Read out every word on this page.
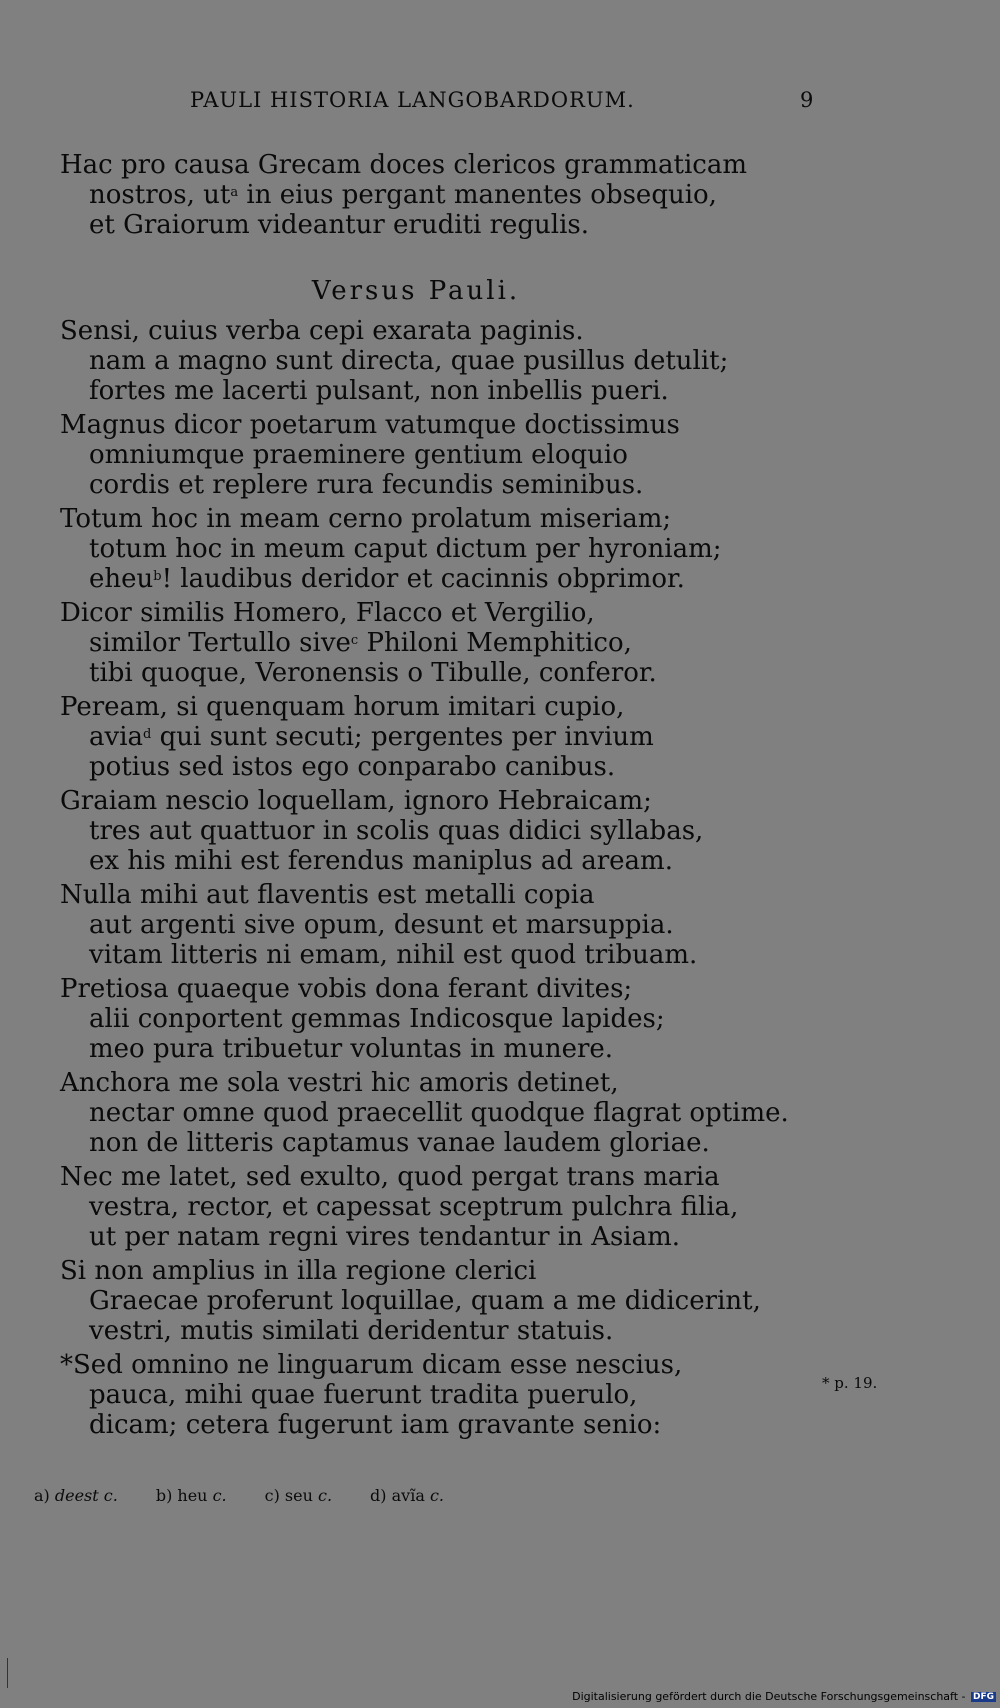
PAULI HISTORIA LANGOBARDORUM.	9
Hac pro causa Grecam doces clericos grammaticam
nostros, $ut^a$ in eius pergant manentes obsequio,
et Graiorum videantur eruditi regulis.
Versus Pauli.
Sensi, cuius verba cepi exarata paginis.
nam a magno sunt directa, quae pusillus detulit;
fortes me lacerti pulsant, non inbellis pueri.
Magnus dicor poetarum vatumque doctissimus
omniumque praeminere gentium eloquio
cordis et replere rura fecundis seminibus.
Totum hoc in meam cerno prolatum miseriam;
totum hoc in meum caput dictum per hyroniam;
eheu$^b$! laudibus deridor et cacinnis obprimor.
Dicor similis Homero, Flacco et Vergilio,
similor Tertullo sive$^c$ Philoni Memphitico,
tibi quoque, Veronensis o Tibulle, conferor.
Peream, si quenquam horum imitari cupio,
avia$^d$ qui sunt secuti; pergentes per invium
potius sed istos ego conparabo canibus.
Graiam nescio loquellam, ignoro Hebraicam;
tres aut quattuor in scolis quas didici syllabas,
ex his mihi est ferendus maniplus ad aream.
Nulla mihi aut flaventis est metalli copia
aut argenti sive opum, desunt et marsuppia.
vitam litteris ni emam, nihil est quod tribuam.
Pretiosa quaeque vobis dona ferant divites;
alii conportent gemmas Indicosque lapides;
meo pura tribuetur voluntas in munere.
Anchora me sola vestri hic amoris detinet,
nectar omne quod praecellit quodque flagrat optime.
non de litteris captamus vanae laudem gloriae.
Nec me latet, sed exulto, quod pergat trans maria
vestra, rector, et capessat sceptrum pulchra filia,
ut per natam regni vires tendantur in Asiam.
Si non amplius in illa regione clerici
Graecae proferunt loquillae, quam a me didicerint,
vestri, mutis similati deridentur statuis.
*Sed omnino ne linguarum dicam esse nescius,
pauca, mihi quae fuerunt tradita puerulo,
dicam; cetera fugerunt iam gravante senio:
* p. 19.
a) deest c. b) heu c. c) seu c. d) avĩa c.
Digitalisierung gefördert durch die Deutsche Forschungsgemeinschaft - DFG
